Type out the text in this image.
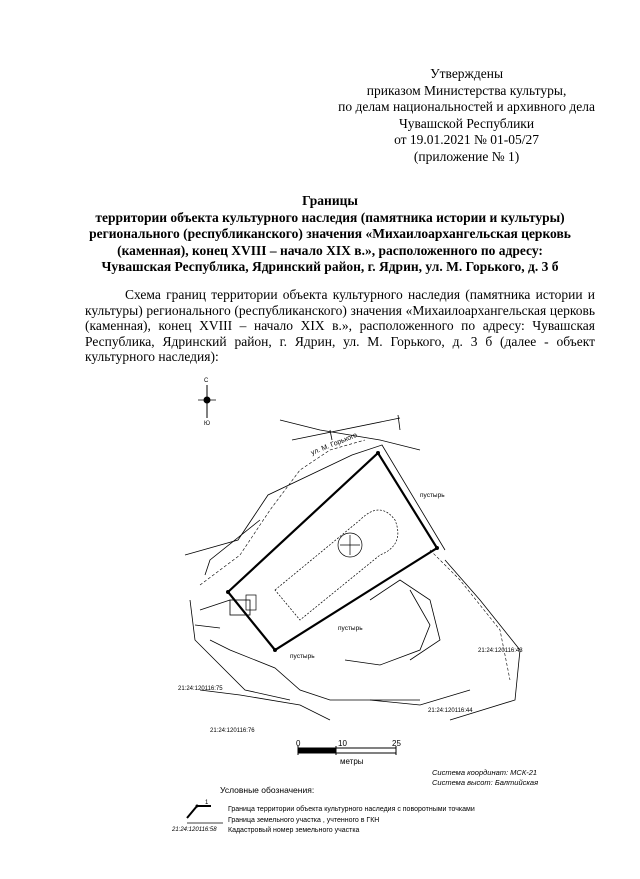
Утверждены
приказом Министерства культуры,
по делам национальностей и архивного дела
Чувашской Республики
от 19.01.2021 № 01-05/27
(приложение № 1)
Границы
территории объекта культурного наследия (памятника истории и культуры)
регионального (республиканского) значения «Михаилоархангельская церковь
(каменная), конец XVIII – начало XIX в.», расположенного по адресу:
Чувашская Республика, Ядринский район, г. Ядрин, ул. М. Горького, д. 3 б
Схема границ территории объекта культурного наследия (памятника истории и культуры) регионального (республиканского) значения «Михаилоархангельская церковь (каменная), конец XVIII – начало XIX в.», расположенного по адресу: Чувашская Республика, Ядринский район, г. Ядрин, ул. М. Горького, д. 3 б (далее - объект культурного наследия):
С
Ю
ул. М. Горького
пустырь
пустырь
пустырь
21:24:120116:43
21:24:120116:75
21:24:120116:76
21:24:120116:44
0	10	25
метры
Система координат: МСК-21
Система высот: Балтийская
Условные обозначения:
1
Граница территории объекта культурного наследия с поворотными точками
Граница земельного участка , учтенного в ГКН
21:24:120116:58 Кадастровый номер земельного участка
